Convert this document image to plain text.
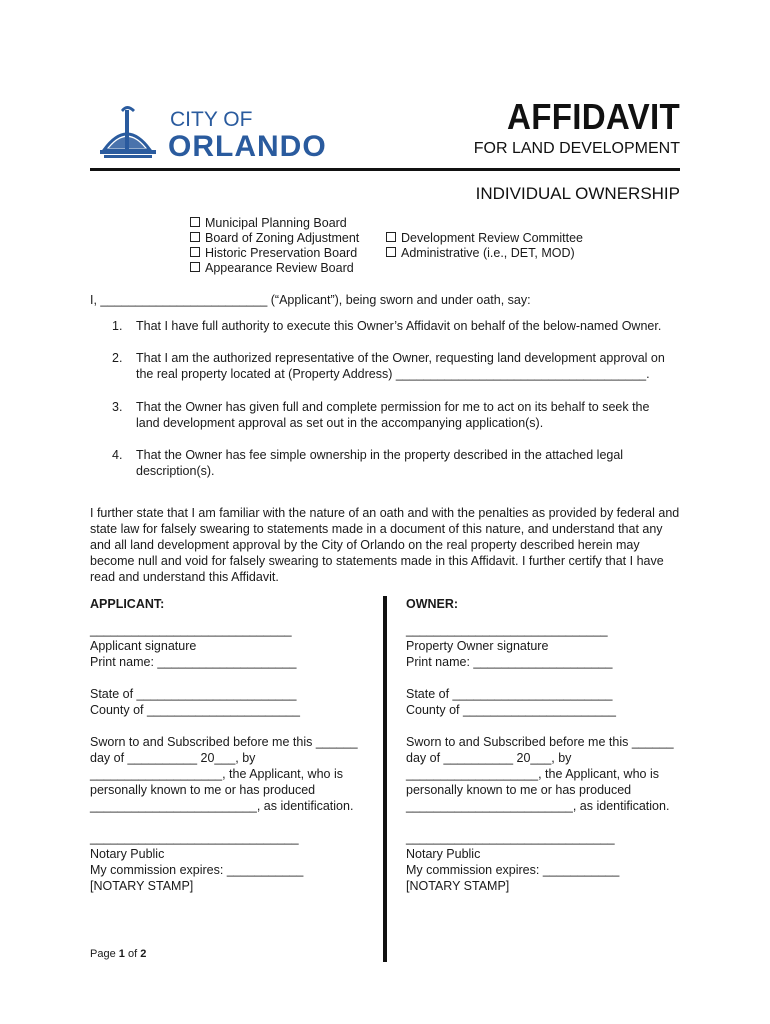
CITY OF
ORLANDO
AFFIDAVIT
FOR LAND DEVELOPMENT
INDIVIDUAL OWNERSHIP
Municipal Planning Board
Board of Zoning Adjustment
Historic Preservation Board
Appearance Review Board
Development Review Committee
Administrative (i.e., DET, MOD)
I, ________________________ (“Applicant”), being sworn and under oath, say:
1. That I have full authority to execute this Owner’s Affidavit on behalf of the below-named Owner.
2. That I am the authorized representative of the Owner, requesting land development approval on the real property located at (Property Address) ____________________________________.
3. That the Owner has given full and complete permission for me to act on its behalf to seek the land development approval as set out in the accompanying application(s).
4. That the Owner has fee simple ownership in the property described in the attached legal description(s).
I further state that I am familiar with the nature of an oath and with the penalties as provided by federal and state law for falsely swearing to statements made in a document of this nature, and understand that any and all land development approval by the City of Orlando on the real property described herein may become null and void for falsely swearing to statements made in this Affidavit. I further certify that I have read and understand this Affidavit.
APPLICANT:
_____________________________
Applicant signature
Print name: ____________________
State of _______________________
County of ______________________
Sworn to and Subscribed before me this ______
day of __________ 20___, by
___________________, the Applicant, who is
personally known to me or has produced
________________________, as identification.
______________________________
Notary Public
My commission expires: ___________
[NOTARY STAMP]
OWNER:
_____________________________
Property Owner signature
Print name: ____________________
State of _______________________
County of ______________________
Sworn to and Subscribed before me this ______
day of __________ 20___, by
___________________, the Applicant, who is
personally known to me or has produced
________________________, as identification.
______________________________
Notary Public
My commission expires: ___________
[NOTARY STAMP]
Page 1 of 2
